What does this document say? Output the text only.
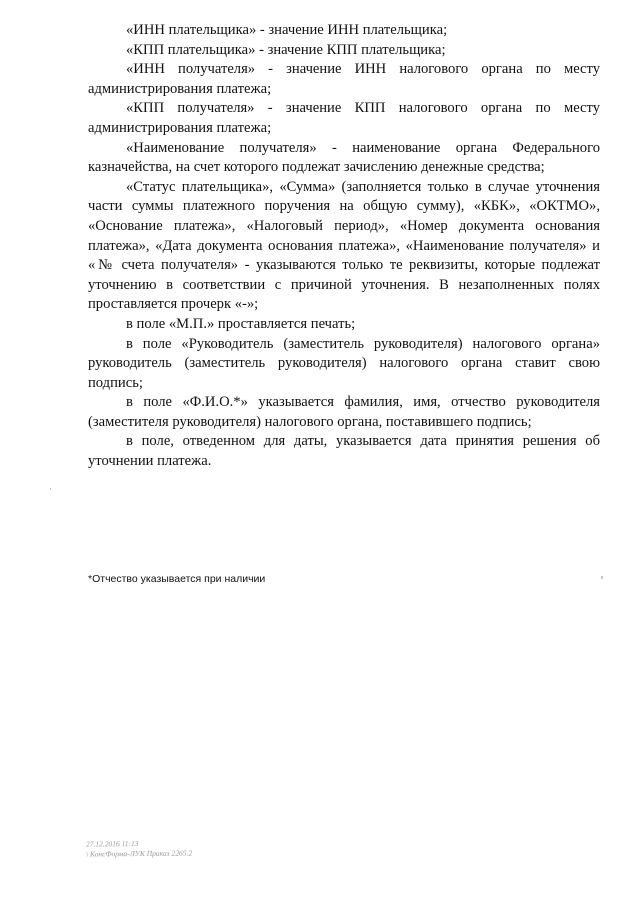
«ИНН плательщика» - значение ИНН плательщика;

«КПП плательщика» - значение КПП плательщика;

«ИНН получателя» - значение ИНН налогового органа по месту администрирования платежа;

«КПП получателя» - значение КПП налогового органа по месту администрирования платежа;

«Наименование получателя» - наименование органа Федерального казначейства, на счет которого подлежат зачислению денежные средства;

«Статус плательщика», «Сумма» (заполняется только в случае уточнения части суммы платежного поручения на общую сумму), «КБК», «ОКТМО», «Основание платежа», «Налоговый период», «Номер документа основания платежа», «Дата документа основания платежа», «Наименование получателя» и «№ счета получателя» - указываются только те реквизиты, которые подлежат уточнению в соответствии с причиной уточнения. В незаполненных полях проставляется прочерк «-»;

в поле «М.П.» проставляется печать;

в поле «Руководитель (заместитель руководителя) налогового органа» руководитель (заместитель руководителя) налогового органа ставит свою подпись;

в поле «Ф.И.О.*» указывается фамилия, имя, отчество руководителя (заместителя руководителя) налогового органа, поставившего подпись;

в поле, отведенном для даты, указывается дата принятия решения об уточнении платежа.

*Отчество указывается при наличии
27.12.2016 11:13
\ КонсФорма-ЛУК Приказ 2265.2
